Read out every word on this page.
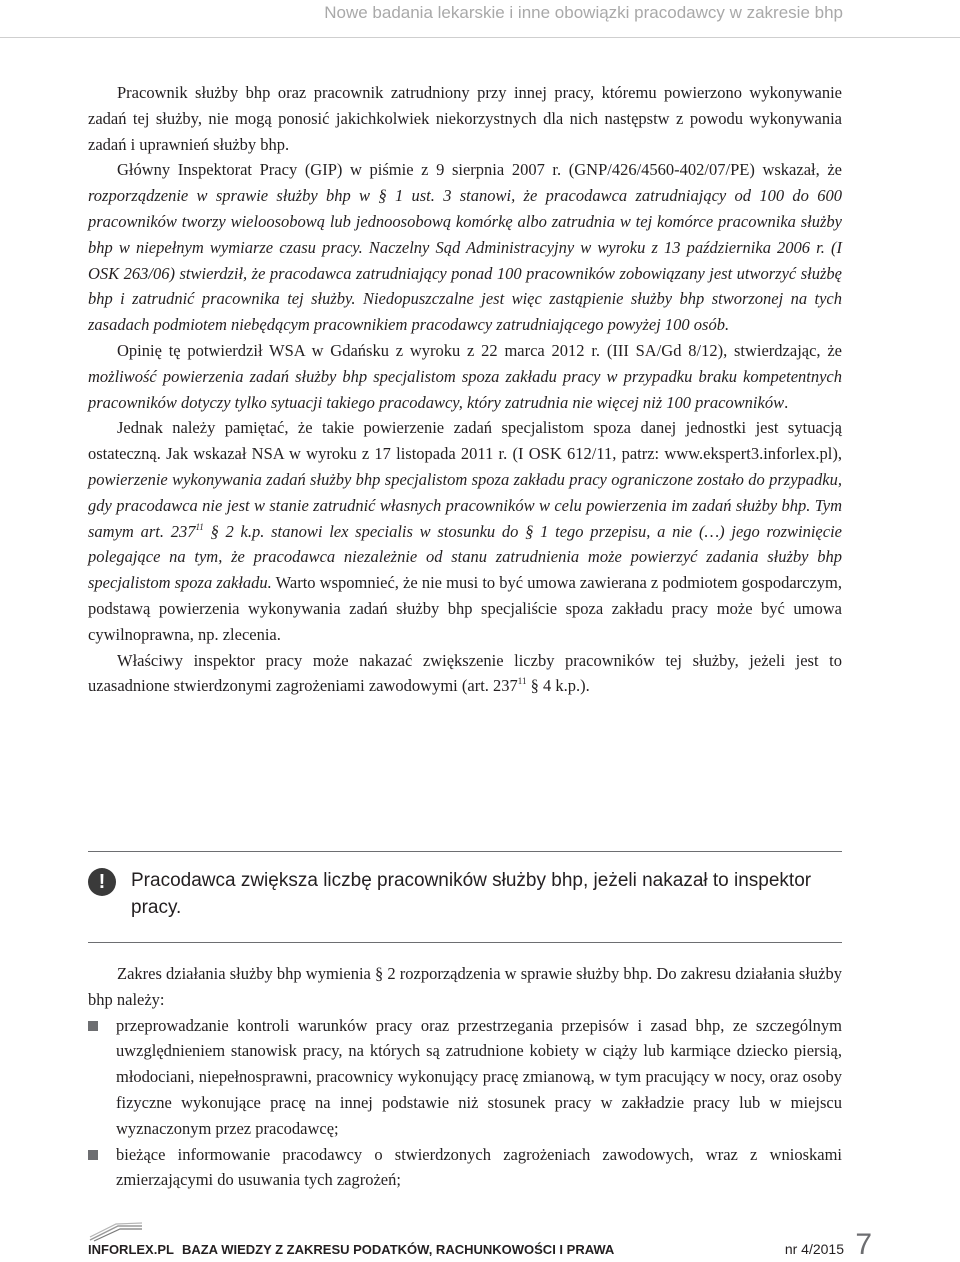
Nowe badania lekarskie i inne obowiązki pracodawcy w zakresie bhp

Pracownik służby bhp oraz pracownik zatrudniony przy innej pracy, któremu powierzono wykonywanie zadań tej służby, nie mogą ponosić jakichkolwiek niekorzystnych dla nich następstw z powodu wykonywania zadań i uprawnień służby bhp.

Główny Inspektorat Pracy (GIP) w piśmie z 9 sierpnia 2007 r. (GNP/426/4560-402/07/PE) wskazał, że rozporządzenie w sprawie służby bhp w § 1 ust. 3 stanowi, że pracodawca zatrudniający od 100 do 600 pracowników tworzy wieloosobową lub jednoosobową komórkę albo zatrudnia w tej komórce pracownika służby bhp w niepełnym wymiarze czasu pracy. Naczelny Sąd Administracyjny w wyroku z 13 października 2006 r. (I OSK 263/06) stwierdził, że pracodawca zatrudniający ponad 100 pracowników zobowiązany jest utworzyć służbę bhp i zatrudnić pracownika tej służby. Niedopuszczalne jest więc zastąpienie służby bhp stworzonej na tych zasadach podmiotem niebędącym pracownikiem pracodawcy zatrudniającego powyżej 100 osób.

Opinię tę potwierdził WSA w Gdańsku z wyroku z 22 marca 2012 r. (III SA/Gd 8/12), stwierdzając, że możliwość powierzenia zadań służby bhp specjalistom spoza zakładu pracy w przypadku braku kompetentnych pracowników dotyczy tylko sytuacji takiego pracodawcy, który zatrudnia nie więcej niż 100 pracowników.

Jednak należy pamiętać, że takie powierzenie zadań specjalistom spoza danej jednostki jest sytuacją ostateczną. Jak wskazał NSA w wyroku z 17 listopada 2011 r. (I OSK 612/11, patrz: www.ekspert3.inforlex.pl), powierzenie wykonywania zadań służby bhp specjalistom spoza zakładu pracy ograniczone zostało do przypadku, gdy pracodawca nie jest w stanie zatrudnić własnych pracowników w celu powierzenia im zadań służby bhp. Tym samym art. $237^{11}$ § 2 k.p. stanowi lex specialis w stosunku do § 1 tego przepisu, a nie (…) jego rozwinięcie polegające na tym, że pracodawca niezależnie od stanu zatrudnienia może powierzyć zadania służby bhp specjalistom spoza zakładu. Warto wspomnieć, że nie musi to być umowa zawierana z podmiotem gospodarczym, podstawą powierzenia wykonywania zadań służby bhp specjaliście spoza zakładu pracy może być umowa cywilnoprawna, np. zlecenia.

Właściwy inspektor pracy może nakazać zwiększenie liczby pracowników tej służby, jeżeli jest to uzasadnione stwierdzonymi zagrożeniami zawodowymi (art. $237^{11}$ § 4 k.p.).

!	Pracodawca zwiększa liczbę pracowników służby bhp, jeżeli nakazał to inspektor pracy.

Zakres działania służby bhp wymienia § 2 rozporządzenia w sprawie służby bhp. Do zakresu działania służby bhp należy:

przeprowadzanie kontroli warunków pracy oraz przestrzegania przepisów i zasad bhp, ze szczególnym uwzględnieniem stanowisk pracy, na których są zatrudnione kobiety w ciąży lub karmiące dziecko piersią, młodociani, niepełnosprawni, pracownicy wykonujący pracę zmianową, w tym pracujący w nocy, oraz osoby fizyczne wykonujące pracę na innej podstawie niż stosunek pracy w zakładzie pracy lub w miejscu wyznaczonym przez pracodawcę;
bieżące informowanie pracodawcy o stwierdzonych zagrożeniach zawodowych, wraz z wnioskami zmierzającymi do usuwania tych zagrożeń;
INFORLEX.PL BAZA WIEDZY Z ZAKRESU PODATKÓW, RACHUNKOWOŚCI I PRAWA	nr 4/2015 7
